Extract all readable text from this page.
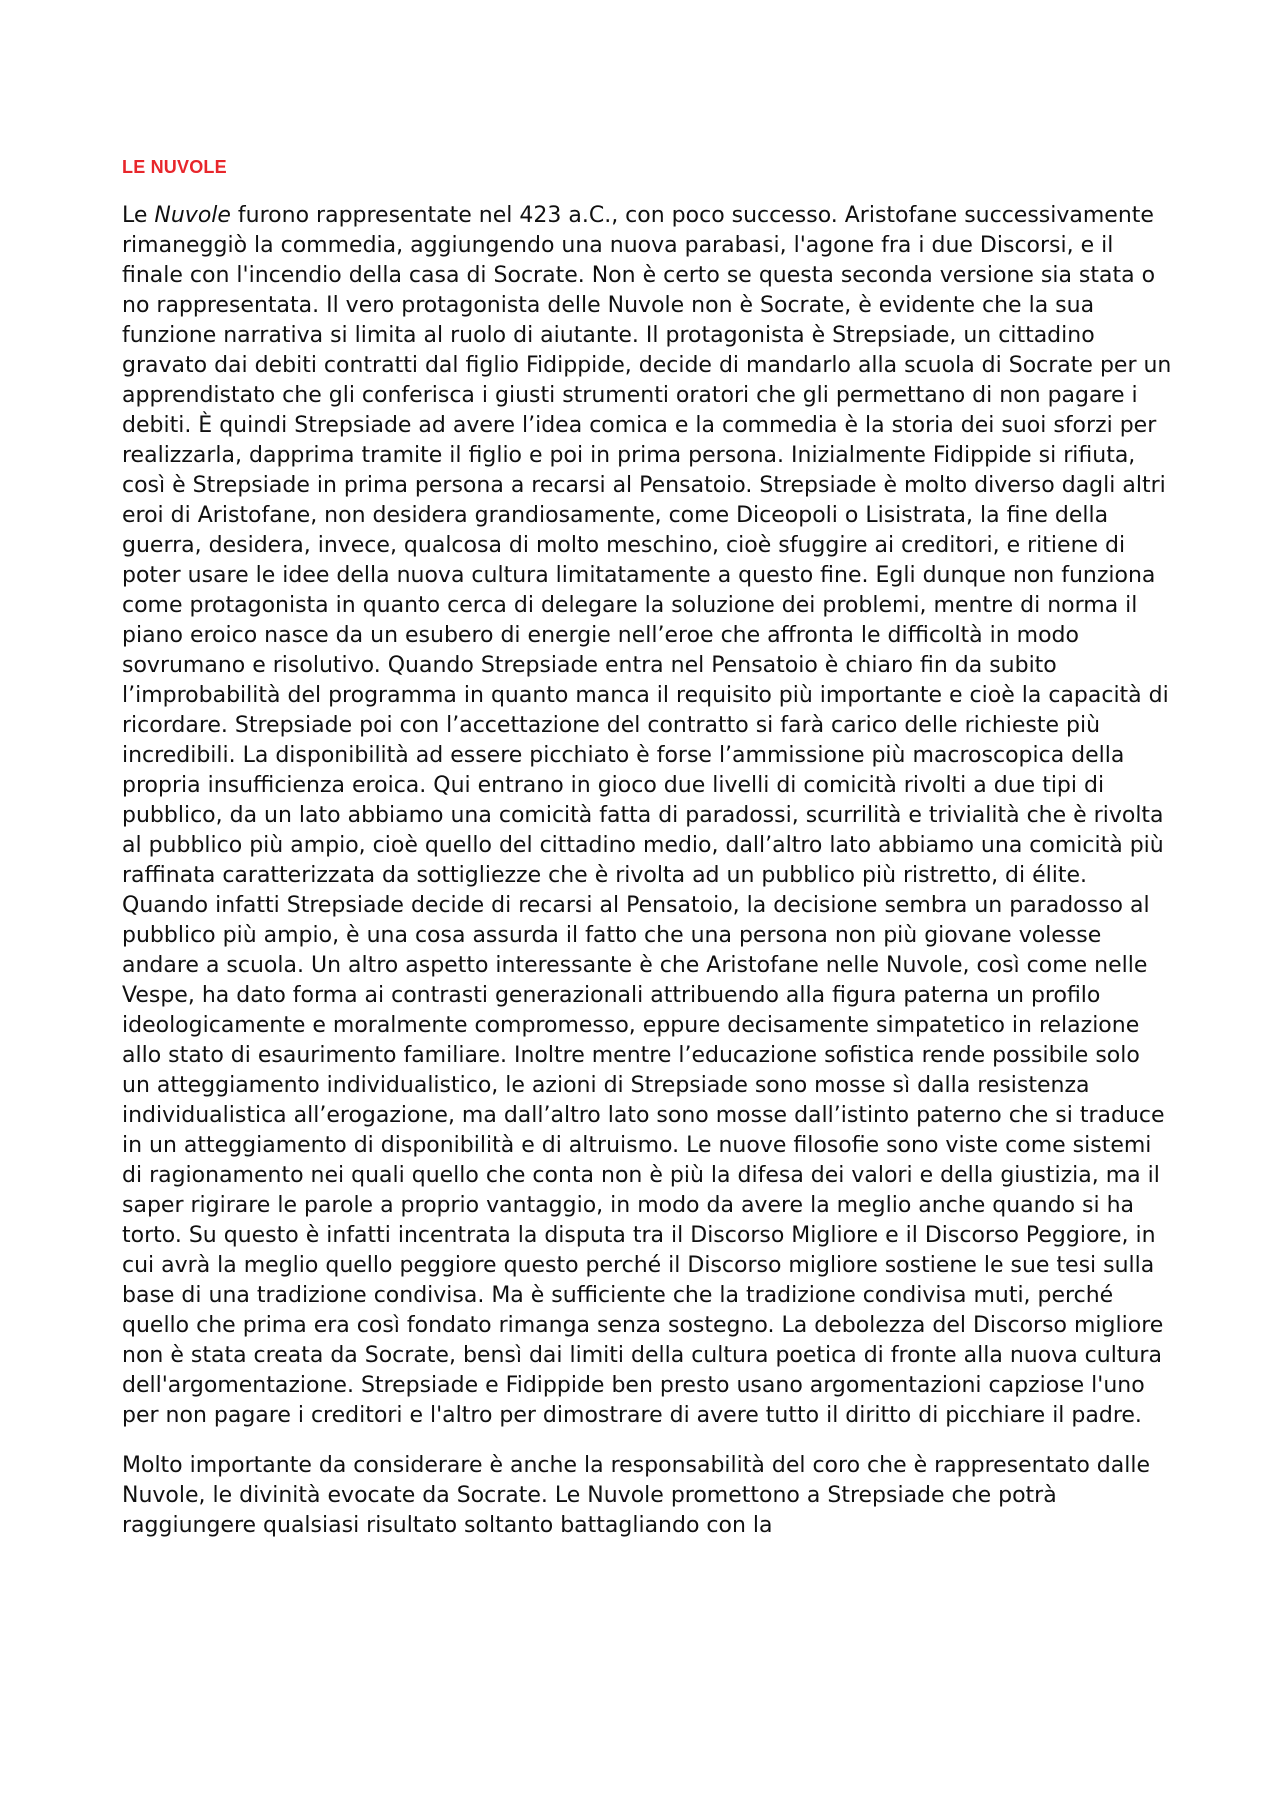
LE NUVOLE

Le Nuvole furono rappresentate nel 423 a.C., con poco successo. Aristofane successivamente rimaneggiò la commedia, aggiungendo una nuova parabasi, l'agone fra i due Discorsi, e il finale con l'incendio della casa di Socrate. Non è certo se questa seconda versione sia stata o no rappresentata. Il vero protagonista delle Nuvole non è Socrate, è evidente che la sua funzione narrativa si limita al ruolo di aiutante. Il protagonista è Strepsiade, un cittadino gravato dai debiti contratti dal figlio Fidippide, decide di mandarlo alla scuola di Socrate per un apprendistato che gli conferisca i giusti strumenti oratori che gli permettano di non pagare i debiti. È quindi Strepsiade ad avere l’idea comica e la commedia è la storia dei suoi sforzi per realizzarla, dapprima tramite il figlio e poi in prima persona. Inizialmente Fidippide si rifiuta, così è Strepsiade in prima persona a recarsi al Pensatoio. Strepsiade è molto diverso dagli altri eroi di Aristofane, non desidera grandiosamente, come Diceopoli o Lisistrata, la fine della guerra, desidera, invece, qualcosa di molto meschino, cioè sfuggire ai creditori, e ritiene di poter usare le idee della nuova cultura limitatamente a questo fine. Egli dunque non funziona come protagonista in quanto cerca di delegare la soluzione dei problemi, mentre di norma il piano eroico nasce da un esubero di energie nell’eroe che affronta le difficoltà in modo sovrumano e risolutivo. Quando Strepsiade entra nel Pensatoio è chiaro fin da subito l’improbabilità del programma in quanto manca il requisito più importante e cioè la capacità di ricordare. Strepsiade poi con l’accettazione del contratto si farà carico delle richieste più incredibili. La disponibilità ad essere picchiato è forse l’ammissione più macroscopica della propria insufficienza eroica. Qui entrano in gioco due livelli di comicità rivolti a due tipi di pubblico, da un lato abbiamo una comicità fatta di paradossi, scurrilità e trivialità che è rivolta al pubblico più ampio, cioè quello del cittadino medio, dall’altro lato abbiamo una comicità più raffinata caratterizzata da sottigliezze che è rivolta ad un pubblico più ristretto, di élite. Quando infatti Strepsiade decide di recarsi al Pensatoio, la decisione sembra un paradosso al pubblico più ampio, è una cosa assurda il fatto che una persona non più giovane volesse andare a scuola. Un altro aspetto interessante è che Aristofane nelle Nuvole, così come nelle Vespe, ha dato forma ai contrasti generazionali attribuendo alla figura paterna un profilo ideologicamente e moralmente compromesso, eppure decisamente simpatetico in relazione allo stato di esaurimento familiare. Inoltre mentre l’educazione sofistica rende possibile solo un atteggiamento individualistico, le azioni di Strepsiade sono mosse sì dalla resistenza individualistica all’erogazione, ma dall’altro lato sono mosse dall’istinto paterno che si traduce in un atteggiamento di disponibilità e di altruismo. Le nuove filosofie sono viste come sistemi di ragionamento nei quali quello che conta non è più la difesa dei valori e della giustizia, ma il saper rigirare le parole a proprio vantaggio, in modo da avere la meglio anche quando si ha torto. Su questo è infatti incentrata la disputa tra il Discorso Migliore e il Discorso Peggiore, in cui avrà la meglio quello peggiore questo perché il Discorso migliore sostiene le sue tesi sulla base di una tradizione condivisa. Ma è sufficiente che la tradizione condivisa muti, perché quello che prima era così fondato rimanga senza sostegno. La debolezza del Discorso migliore non è stata creata da Socrate, bensì dai limiti della cultura poetica di fronte alla nuova cultura dell'argomentazione. Strepsiade e Fidippide ben presto usano argomentazioni capziose l'uno per non pagare i creditori e l'altro per dimostrare di avere tutto il diritto di picchiare il padre.

Molto importante da considerare è anche la responsabilità del coro che è rappresentato dalle Nuvole, le divinità evocate da Socrate. Le Nuvole promettono a Strepsiade che potrà raggiungere qualsiasi risultato soltanto battagliando con la
